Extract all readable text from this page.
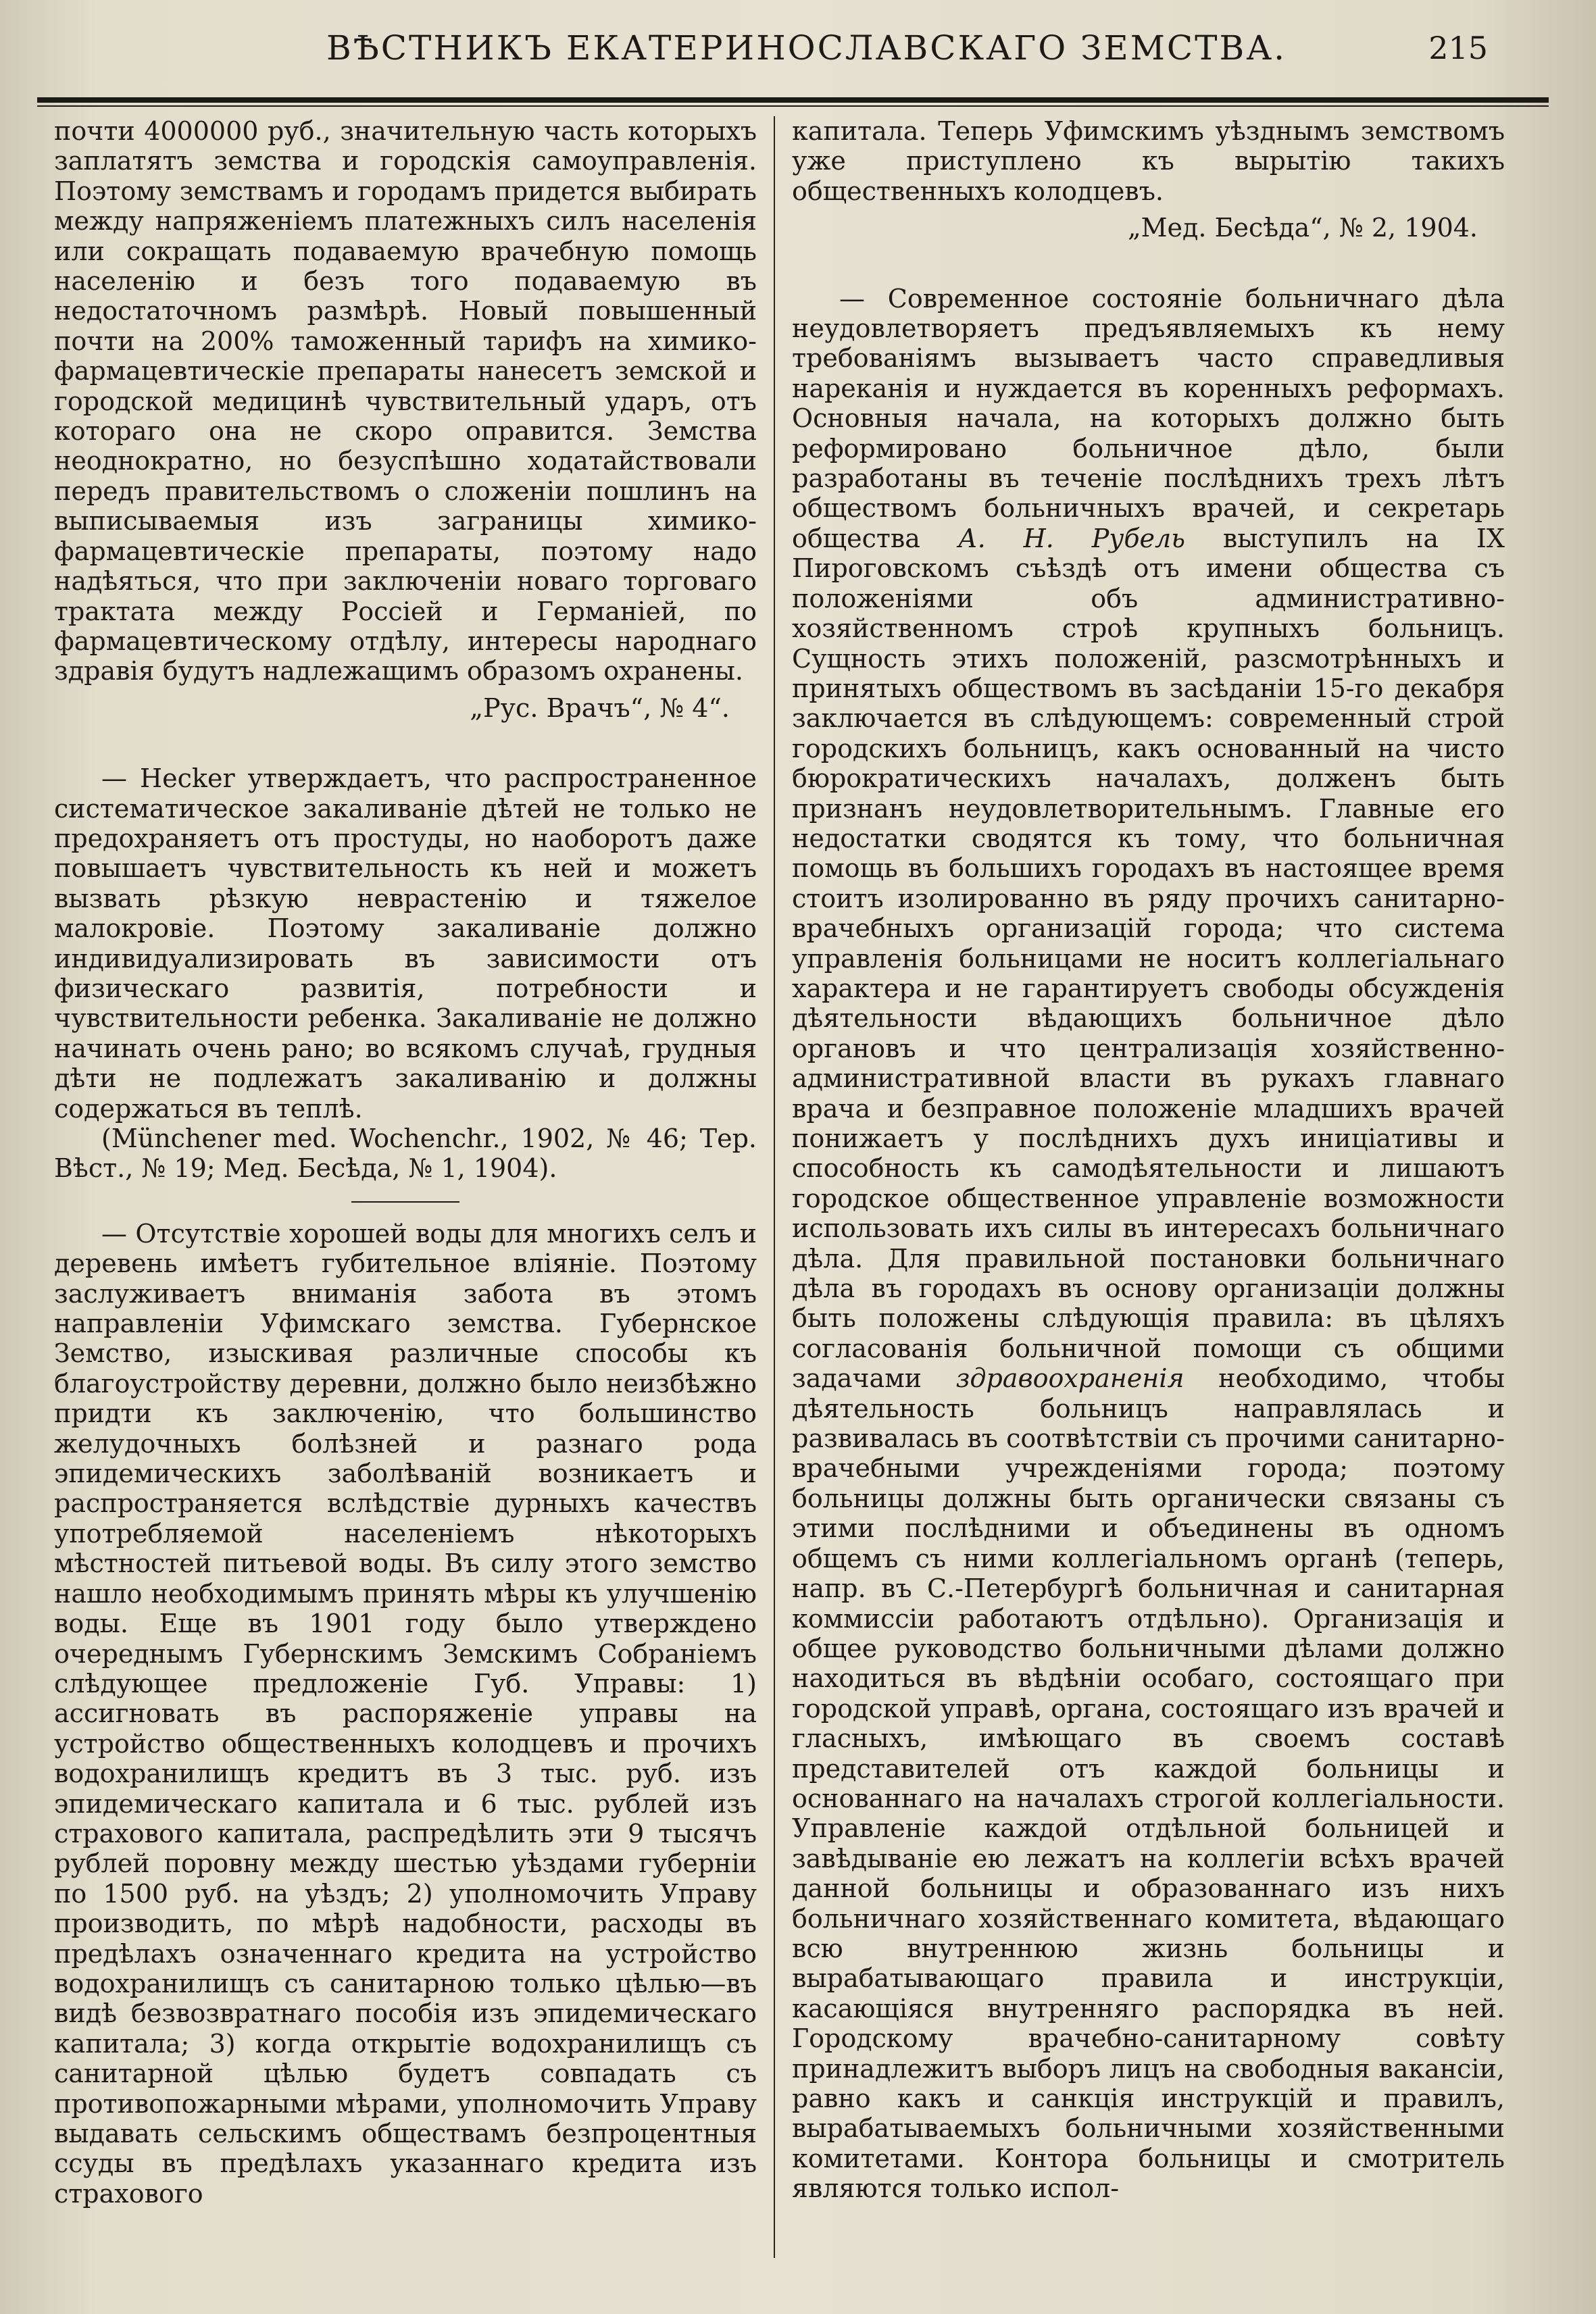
ВѢСТНИКЪ ЕКАТЕРИНОСЛАВСКАГО ЗЕМСТВА.	215

почти 4000000 руб., значительную часть которыхъ заплатятъ земства и городскія самоуправленія. Поэтому земствамъ и городамъ придется выбирать между напряженіемъ платежныхъ силъ населенія или сокращать подаваемую врачебную помощь населенію и безъ того подаваемую въ недостаточномъ размѣрѣ. Новый повышенный почти на 200% таможенный тарифъ на химико-фармацевтическіе препараты нанесетъ земской и городской медицинѣ чувствительный ударъ, отъ котораго она не скоро оправится. Земства неоднократно, но безуспѣшно ходатайствовали передъ правительствомъ о сложеніи пошлинъ на выписываемыя изъ заграницы химико-фармацевтическіе препараты, поэтому надо надѣяться, что при заключеніи новаго торговаго трактата между Россіей и Германіей, по фармацевтическому отдѣлу, интересы народнаго здравія будутъ надлежащимъ образомъ охранены.

„Рус. Врачъ“, № 4“.

— Hecker утверждаетъ, что распространенное систематическое закаливаніе дѣтей не только не предохраняетъ отъ простуды, но наоборотъ даже повышаетъ чувствительность къ ней и можетъ вызвать рѣзкую неврастенію и тяжелое малокровіе. Поэтому закаливаніе должно индивидуализировать въ зависимости отъ физическаго развитія, потребности и чувствительности ребенка. Закаливаніе не должно начинать очень рано; во всякомъ случаѣ, грудныя дѣти не подлежатъ закаливанію и должны содержаться въ теплѣ.

(Münchener med. Wochenchr., 1902, № 46; Тер. Вѣст., № 19; Мед. Бесѣда, № 1, 1904).

— Отсутствіе хорошей воды для многихъ селъ и деревень имѣетъ губительное вліяніе. Поэтому заслуживаетъ вниманія забота въ этомъ направленіи Уфимскаго земства. Губернское Земство, изыскивая различные способы къ благоустройству деревни, должно было неизбѣжно придти къ заключенію, что большинство желудочныхъ болѣзней и разнаго рода эпидемическихъ заболѣваній возникаетъ и распространяется вслѣдствіе дурныхъ качествъ употребляемой населеніемъ нѣкоторыхъ мѣстностей питьевой воды. Въ силу этого земство нашло необходимымъ принять мѣры къ улучшенію воды. Еще въ 1901 году было утверждено очереднымъ Губернскимъ Земскимъ Собраніемъ слѣдующее предложеніе Губ. Управы: 1) ассигновать въ распоряженіе управы на устройство общественныхъ колодцевъ и прочихъ водохранилищъ кредитъ въ 3 тыс. руб. изъ эпидемическаго капитала и 6 тыс. рублей изъ страхового капитала, распредѣлить эти 9 тысячъ рублей поровну между шестью уѣздами губерніи по 1500 руб. на уѣздъ; 2) уполномочить Управу производить, по мѣрѣ надобности, расходы въ предѣлахъ означеннаго кредита на устройство водохранилищъ съ санитарною только цѣлью—въ видѣ безвозвратнаго пособія изъ эпидемическаго капитала; 3) когда открытіе водохранилищъ съ санитарной цѣлью будетъ совпадать съ противопожарными мѣрами, уполномочить Управу выдавать сельскимъ обществамъ безпроцентныя ссуды въ предѣлахъ указаннаго кредита изъ страхового

капитала. Теперь Уфимскимъ уѣзднымъ земствомъ уже приступлено къ вырытію такихъ общественныхъ колодцевъ.

„Мед. Бесѣда“, № 2, 1904.

— Современное состояніе больничнаго дѣла неудовлетворяетъ предъявляемыхъ къ нему требованіямъ вызываетъ часто справедливыя нареканія и нуждается въ коренныхъ реформахъ. Основныя начала, на которыхъ должно быть реформировано больничное дѣло, были разработаны въ теченіе послѣднихъ трехъ лѣтъ обществомъ больничныхъ врачей, и секретарь общества А. Н. Рубель выступилъ на IX Пироговскомъ съѣздѣ отъ имени общества съ положеніями объ административно-хозяйственномъ строѣ крупныхъ больницъ. Сущность этихъ положеній, разсмотрѣнныхъ и принятыхъ обществомъ въ засѣданіи 15-го декабря заключается въ слѣдующемъ: современный строй городскихъ больницъ, какъ основанный на чисто бюрократическихъ началахъ, долженъ быть признанъ неудовлетворительнымъ. Главные его недостатки сводятся къ тому, что больничная помощь въ большихъ городахъ въ настоящее время стоитъ изолированно въ ряду прочихъ санитарно-врачебныхъ организацій города; что система управленія больницами не носитъ коллегіальнаго характера и не гарантируетъ свободы обсужденія дѣятельности вѣдающихъ больничное дѣло органовъ и что централизація хозяйственно-административной власти въ рукахъ главнаго врача и безправное положеніе младшихъ врачей понижаетъ у послѣднихъ духъ иниціативы и способность къ самодѣятельности и лишаютъ городское общественное управленіе возможности использовать ихъ силы въ интересахъ больничнаго дѣла. Для правильной постановки больничнаго дѣла въ городахъ въ основу организаціи должны быть положены слѣдующія правила: въ цѣляхъ согласованія больничной помощи съ общими задачами здравоохраненія необходимо, чтобы дѣятельность больницъ направлялась и развивалась въ соотвѣтствіи съ прочими санитарно-врачебными учрежденіями города; поэтому больницы должны быть органически связаны съ этими послѣдними и объединены въ одномъ общемъ съ ними коллегіальномъ органѣ (теперь, напр. въ С.-Петербургѣ больничная и санитарная коммиссіи работаютъ отдѣльно). Организація и общее руководство больничными дѣлами должно находиться въ вѣдѣніи особаго, состоящаго при городской управѣ, органа, состоящаго изъ врачей и гласныхъ, имѣющаго въ своемъ составѣ представителей отъ каждой больницы и основаннаго на началахъ строгой коллегіальности. Управленіе каждой отдѣльной больницей и завѣдываніе ею лежатъ на коллегіи всѣхъ врачей данной больницы и образованнаго изъ нихъ больничнаго хозяйственнаго комитета, вѣдающаго всю внутреннюю жизнь больницы и вырабатывающаго правила и инструкціи, касающіяся внутренняго распорядка въ ней. Городскому врачебно-санитарному совѣту принадлежитъ выборъ лицъ на свободныя вакансіи, равно какъ и санкція инструкцій и правилъ, вырабатываемыхъ больничными хозяйственными комитетами. Контора больницы и смотритель являются только испол-
